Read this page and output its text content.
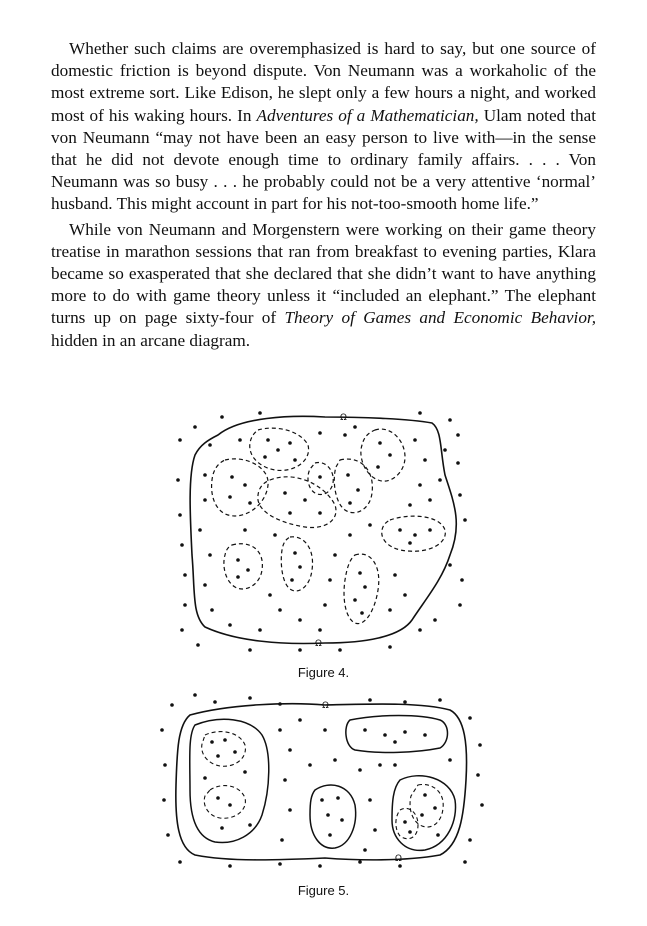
Whether such claims are overemphasized is hard to say, but one source of domestic friction is beyond dispute. Von Neumann was a workaholic of the most extreme sort. Like Edison, he slept only a few hours a night, and worked most of his waking hours. In Adventures of a Mathematician, Ulam noted that von Neumann “may not have been an easy person to live with—in the sense that he did not devote enough time to ordinary family affairs. . . . Von Neumann was so busy . . . he probably could not be a very attentive ‘normal’ husband. This might account in part for his not-too-smooth home life.”

While von Neumann and Morgenstern were working on their game theory treatise in marathon sessions that ran from breakfast to evening parties, Klara became so exasperated that she declared that she didn’t want to have anything more to do with game theory unless it “included an elephant.” The elephant turns up on page sixty-four of Theory of Games and Economic Behavior, hidden in an arcane diagram.

Ω
Ω
Figure 4.
Ω
Ω
Figure 5.
